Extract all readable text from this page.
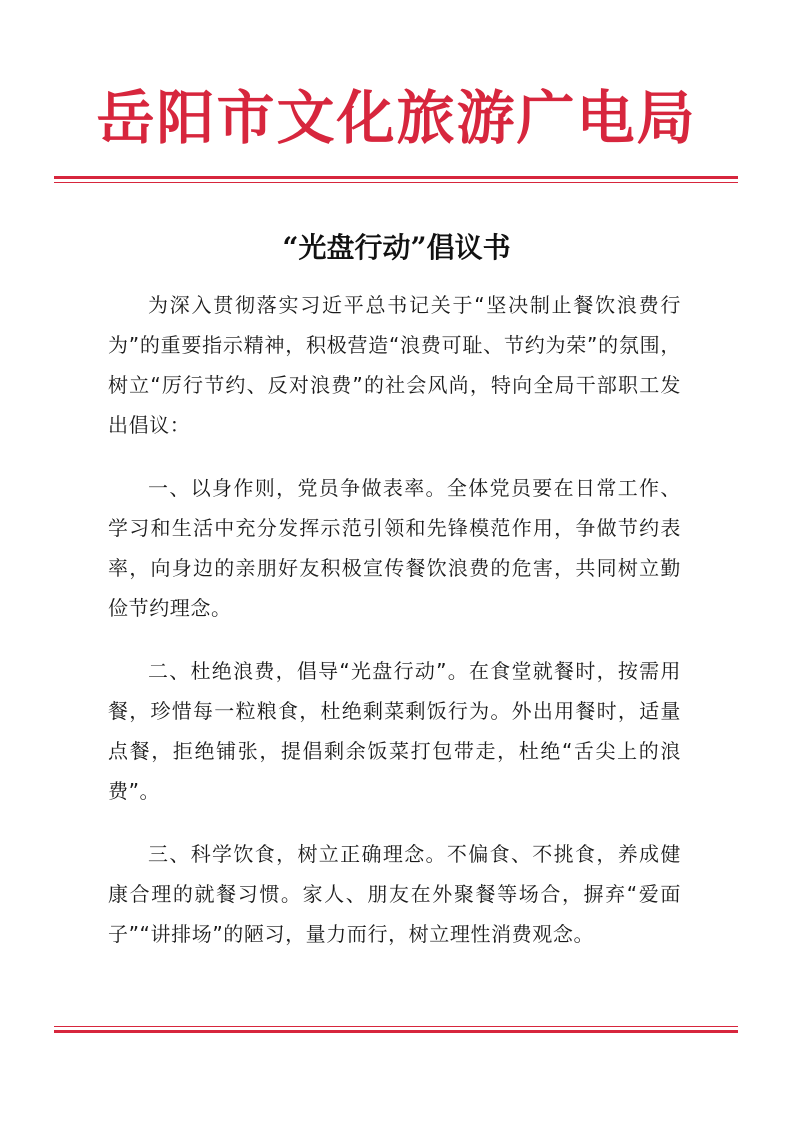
岳阳市文化旅游广电局
“光盘行动”倡议书

为深入贯彻落实习近平总书记关于“坚决制止餐饮浪费行为”的重要指示精神，积极营造“浪费可耻、节约为荣”的氛围，树立“厉行节约、反对浪费”的社会风尚，特向全局干部职工发出倡议：

一、以身作则，党员争做表率。全体党员要在日常工作、学习和生活中充分发挥示范引领和先锋模范作用，争做节约表率，向身边的亲朋好友积极宣传餐饮浪费的危害，共同树立勤俭节约理念。

二、杜绝浪费，倡导“光盘行动”。在食堂就餐时，按需用餐，珍惜每一粒粮食，杜绝剩菜剩饭行为。外出用餐时，适量点餐，拒绝铺张，提倡剩余饭菜打包带走，杜绝“舌尖上的浪费”。

三、科学饮食，树立正确理念。不偏食、不挑食，养成健康合理的就餐习惯。家人、朋友在外聚餐等场合，摒弃“爱面子”“讲排场”的陋习，量力而行，树立理性消费观念。
